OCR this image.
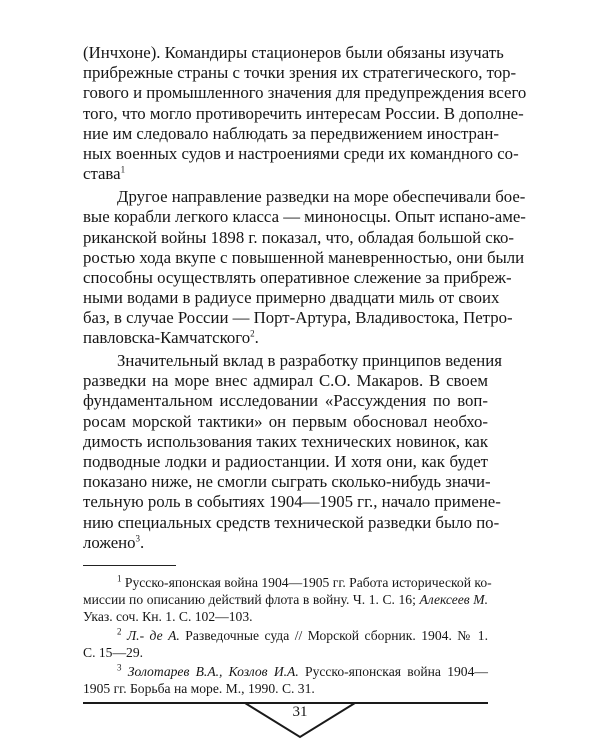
(Инчхоне). Командиры стационеров были обязаны изучать
прибрежные страны с точки зрения их стратегического, тор-
гового и промышленного значения для предупреждения всего
того, что могло противоречить интересам России. В дополне-
ние им следовало наблюдать за передвижением иностран-
ных военных судов и настроениями среди их командного со-
става$^1$
Другое направление разведки на море обеспечивали бое-
вые корабли легкого класса — миноносцы. Опыт испано-аме-
риканской войны 1898 г. показал, что, обладая большой ско-
ростью хода вкупе с повышенной маневренностью, они были
способны осуществлять оперативное слежение за прибреж-
ными водами в радиусе примерно двадцати миль от своих
баз, в случае России — Порт-Артура, Владивостока, Петро-
павловска-Камчатского$^2$.
Значительный вклад в разработку принципов ведения
разведки на море внес адмирал С.О. Макаров. В своем
фундаментальном исследовании «Рассуждения по воп-
росам морской тактики» он первым обосновал необхо-
димость использования таких технических новинок, как
подводные лодки и радиостанции. И хотя они, как будет
показано ниже, не смогли сыграть сколько-нибудь значи-
тельную роль в событиях 1904—1905 гг., начало примене-
нию специальных средств технической разведки было по-
ложено$^3$.
$^1$ Русско-японская война 1904—1905 гг. Работа исторической ко-
миссии по описанию действий флота в войну. Ч. 1. С. 16; Алексеев М.
Указ. соч. Кн. 1. С. 102—103.
$^2$ Л.- де А. Разведочные суда // Морской сборник. 1904. № 1.
С. 15—29.
$^3$ Золотарев В.А., Козлов И.А. Русско-японская война 1904—
1905 гг. Борьба на море. М., 1990. С. 31.
31
